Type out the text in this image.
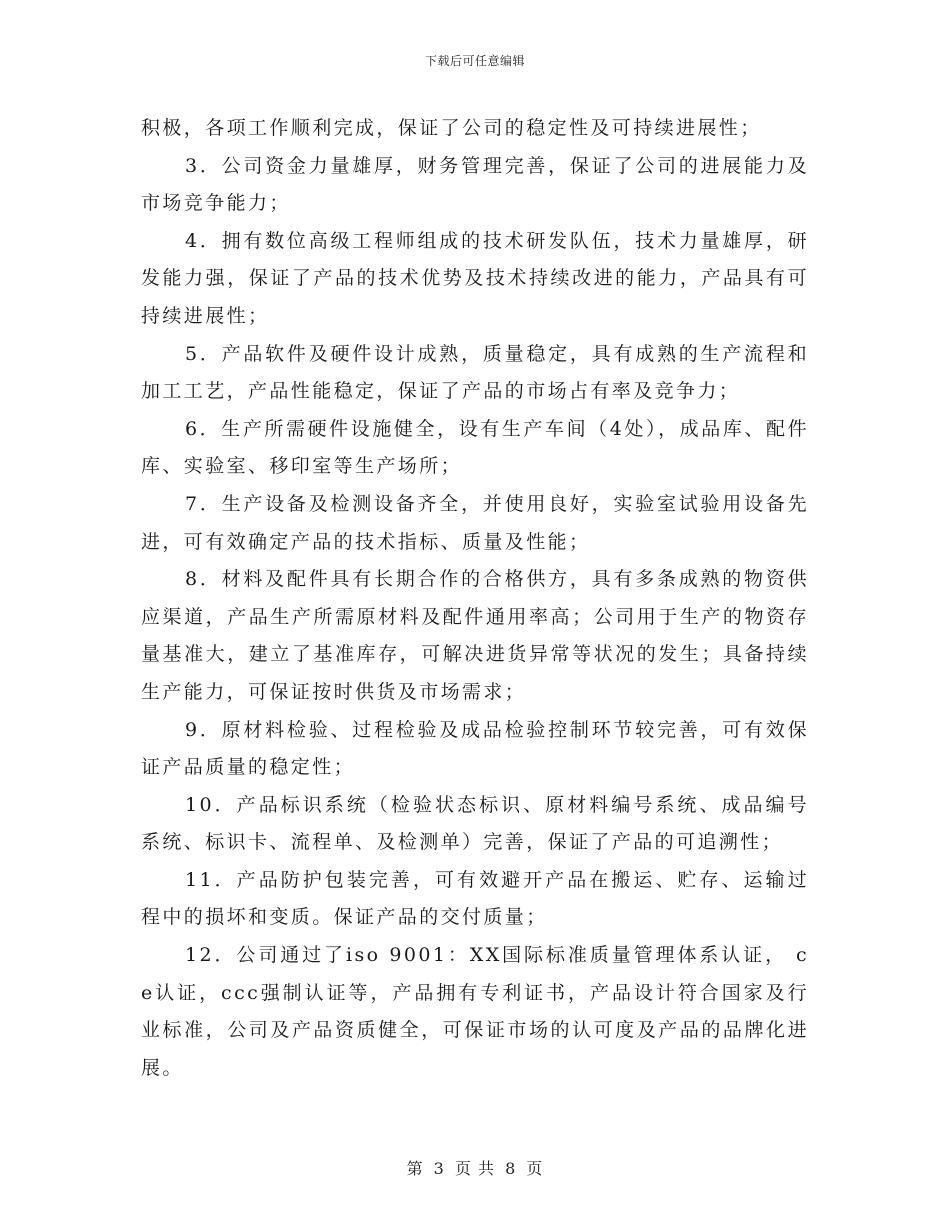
下载后可任意编辑

积极，各项工作顺利完成，保证了公司的稳定性及可持续进展性；

3．公司资金力量雄厚，财务管理完善，保证了公司的进展能力及市场竞争能力；

4．拥有数位高级工程师组成的技术研发队伍，技术力量雄厚，研发能力强，保证了产品的技术优势及技术持续改进的能力，产品具有可持续进展性；

5．产品软件及硬件设计成熟，质量稳定，具有成熟的生产流程和加工工艺，产品性能稳定，保证了产品的市场占有率及竞争力；

6．生产所需硬件设施健全，设有生产车间（4处），成品库、配件库、实验室、移印室等生产场所；

7．生产设备及检测设备齐全，并使用良好，实验室试验用设备先进，可有效确定产品的技术指标、质量及性能；

8．材料及配件具有长期合作的合格供方，具有多条成熟的物资供应渠道，产品生产所需原材料及配件通用率高；公司用于生产的物资存量基准大，建立了基准库存，可解决进货异常等状况的发生；具备持续生产能力，可保证按时供货及市场需求；

9．原材料检验、过程检验及成品检验控制环节较完善，可有效保证产品质量的稳定性；

10．产品标识系统（检验状态标识、原材料编号系统、成品编号系统、标识卡、流程单、及检测单）完善，保证了产品的可追溯性；

11．产品防护包装完善，可有效避开产品在搬运、贮存、运输过程中的损坏和变质。保证产品的交付质量；

12．公司通过了iso 9001：XX国际标准质量管理体系认证， ce认证，ccc强制认证等，产品拥有专利证书，产品设计符合国家及行业标准，公司及产品资质健全，可保证市场的认可度及产品的品牌化进展。

第 3 页 共 8 页
